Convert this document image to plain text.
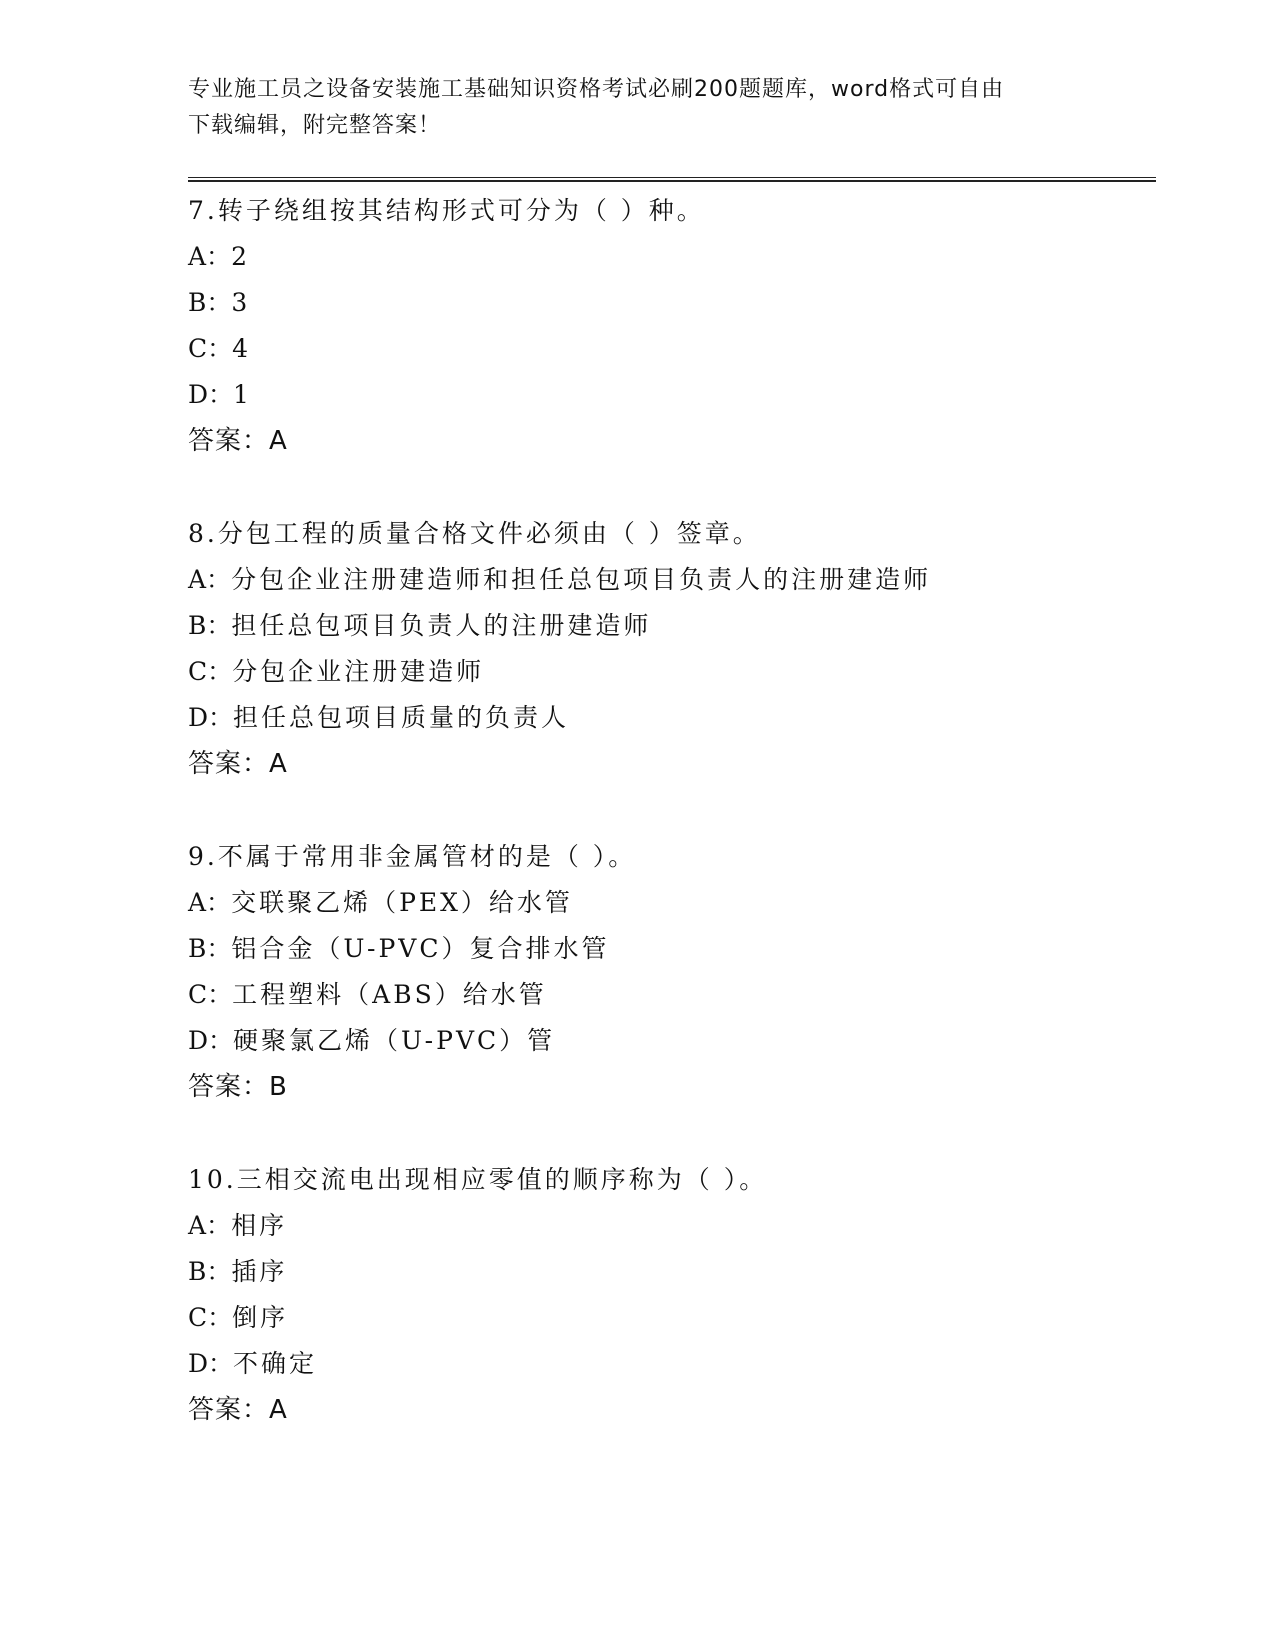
专业施工员之设备安装施工基础知识资格考试必刷200题题库，word格式可自由
下载编辑，附完整答案！
7.转子绕组按其结构形式可分为（ ）种。
A：2
B：3
C：4
D：1
答案：A
8.分包工程的质量合格文件必须由（ ）签章。
A：分包企业注册建造师和担任总包项目负责人的注册建造师
B：担任总包项目负责人的注册建造师
C：分包企业注册建造师
D：担任总包项目质量的负责人
答案：A
9.不属于常用非金属管材的是（ ）。
A：交联聚乙烯（PEX）给水管
B：铝合金（U-PVC）复合排水管
C：工程塑料（ABS）给水管
D：硬聚氯乙烯（U-PVC）管
答案：B
10.三相交流电出现相应零值的顺序称为（ ）。
A：相序
B：插序
C：倒序
D：不确定
答案：A
